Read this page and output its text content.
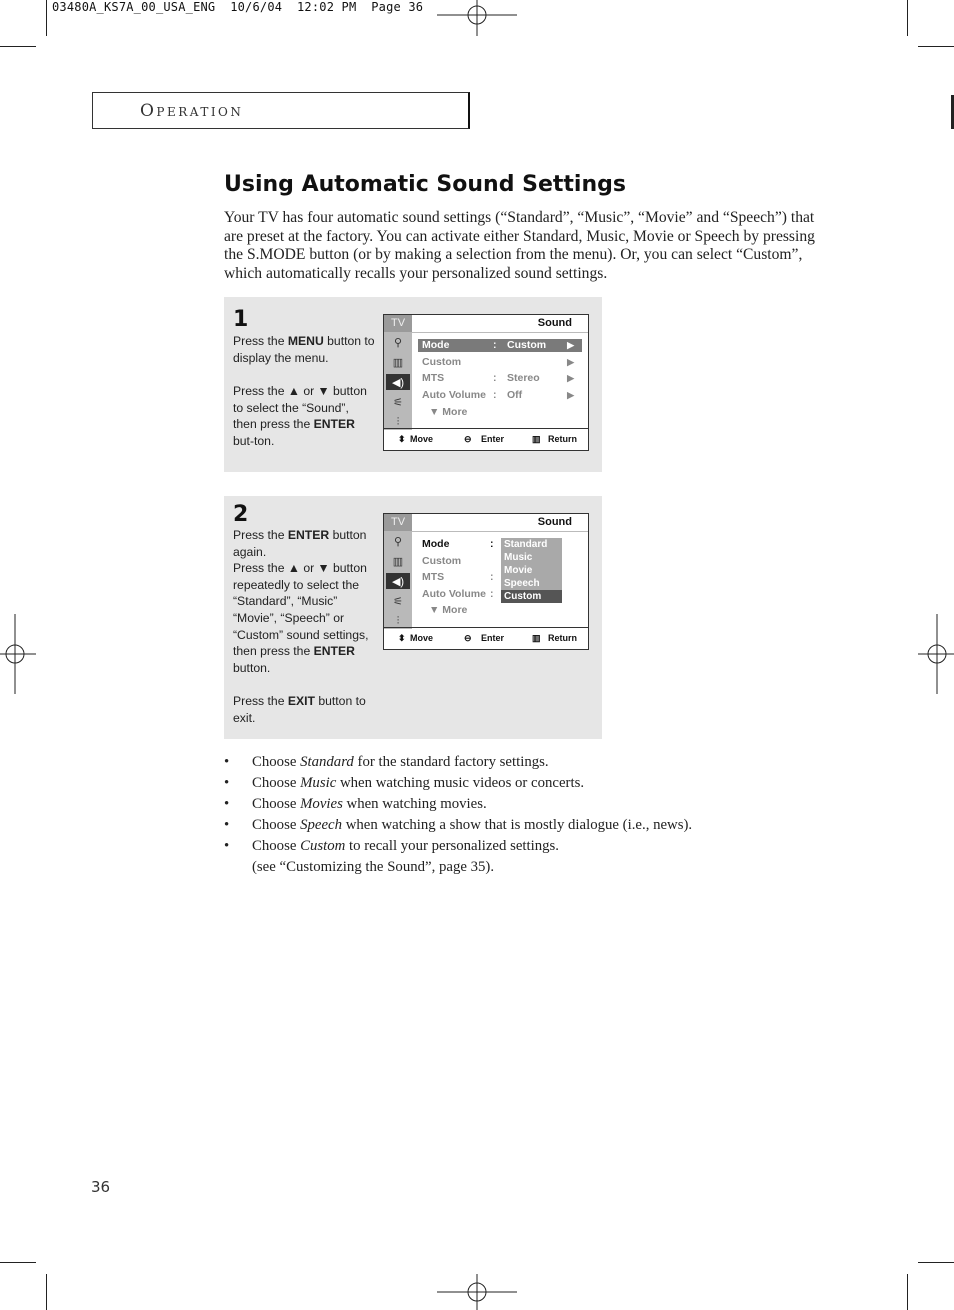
03480A_KS7A_00_USA_ENG  10/6/04  12:02 PM  Page 36
Operation
Using Automatic Sound Settings
Your TV has four automatic sound settings (“Standard”, “Music”, “Movie” and “Speech”) that are preset at the factory. You can activate either Standard, Music, Movie or Speech by pressing the S.MODE button (or by making a selection from the menu). Or, you can select “Custom”, which automatically recalls your personalized sound settings.
1
Press the MENU button to display the menu.
Press the ▲ or ▼ button to select the “Sound”, then press the ENTER but-ton.
TV
⚲
▥
◀)
⚟
⫶
Sound
Mode	: Custom ▶
Custom	▶
MTS	: Stereo	▶
Auto Volume : Off	▶
▼ More
⬍ Move	⊖ Enter	▥ Return
2
Press the ENTER button again.
Press the ▲ or ▼ button repeatedly to select the “Standard”, “Music” “Movie”, “Speech” or “Custom” sound settings, then press the ENTER button.
Press the EXIT button to exit.
TV
⚲
▥
◀)
⚟
⫶
Sound
Mode	:
Custom
MTS	:
Auto Volume :
▼ More
Standard
Music
Movie
Speech
Custom
⬍ Move	⊖ Enter	▥ Return
• Choose Standard for the standard factory settings.
• Choose Music when watching music videos or concerts.
• Choose Movies when watching movies.
• Choose Speech when watching a show that is mostly dialogue (i.e., news).
• Choose Custom to recall your personalized settings.
(see “Customizing the Sound”, page 35).
36
